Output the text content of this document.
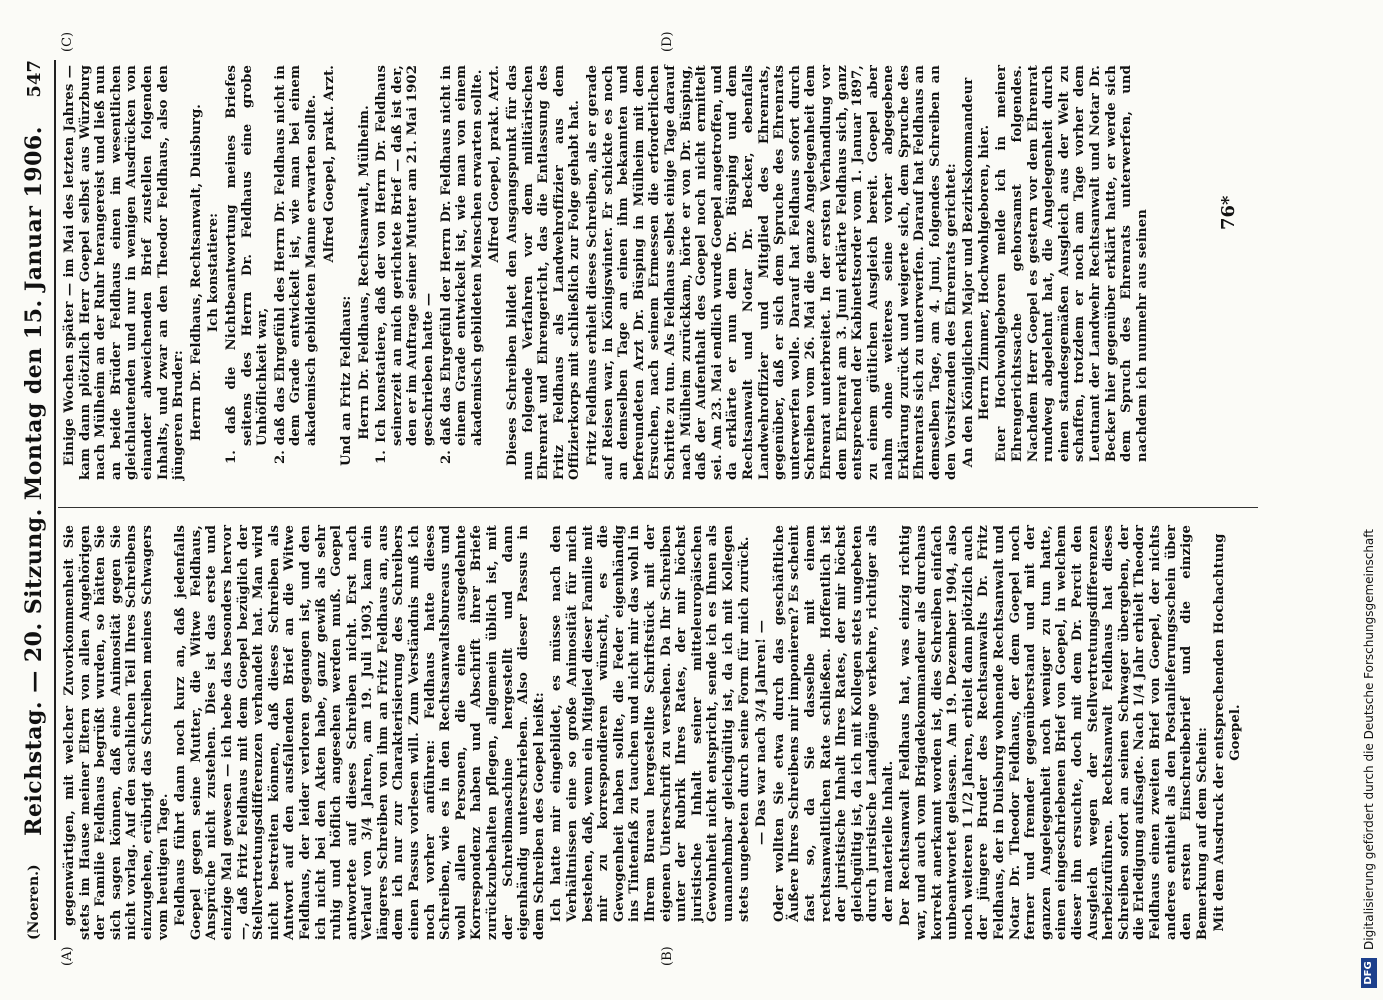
(A)	(B)
(C)	(D)
(Noeren.)
Reichstag. — 20. Sitzung. Montag den 15. Januar 1906.
547

gegenwärtigen, mit welcher Zuvorkommenheit Sie stets im Hause meiner Eltern von allen Angehörigen der Familie Feldhaus begrüßt wurden, so hätten Sie sich sagen können, daß eine Animosität gegen Sie nicht vorlag. Auf den sachlichen Teil Ihres Schreibens einzugehen, erübrigt das Schreiben meines Schwagers vom heutigen Tage. Feldhaus führt dann noch kurz an, daß jedenfalls Goepel gegen seine Mutter, die Witwe Feldhaus, Ansprüche nicht zustehen. Dies ist das erste und einzige Mal gewesen — ich hebe das besonders hervor —, daß Fritz Feldhaus mit dem Goepel bezüglich der Stellvertretungsdifferenzen verhandelt hat. Man wird nicht bestreiten können, daß dieses Schreiben als Antwort auf den ausfallenden Brief an die Witwe Feldhaus, der leider verloren gegangen ist, und den ich nicht bei den Akten habe, ganz gewiß als sehr ruhig und höflich angesehen werden muß. Goepel antwortete auf dieses Schreiben nicht. Erst nach Verlauf von 3/4 Jahren, am 19. Juli 1903, kam ein längeres Schreiben von ihm an Fritz Feldhaus an, aus dem ich nur zur Charakterisierung des Schreibers einen Passus vorlesen will. Zum Verständnis muß ich noch vorher anführen: Feldhaus hatte dieses Schreiben, wie es in den Rechtsanwaltsbureaus und wohl allen Personen, die eine ausgedehnte Korrespondenz haben und Abschrift ihrer Briefe zurückzubehalten pflegen, allgemein üblich ist, mit der Schreibmaschine hergestellt und dann eigenhändig unterschrieben. Also dieser Passus in dem Schreiben des Goepel heißt: Ich hatte mir eingebildet, es müsse nach den Verhältnissen eine so große Animosität für mich bestehen, daß, wenn ein Mitglied dieser Familie mit mir zu korrespondieren wünscht, es die Gewogenheit haben sollte, die Feder eigenhändig ins Tintenfaß zu tauchen und nicht mir das wohl in Ihrem Bureau hergestellte Schriftstück mit der eigenen Unterschrift zu versehen. Da Ihr Schreiben unter der Rubrik Ihres Rates, der mir höchst juristische Inhalt seiner mitteleuropäischen Gewohnheit nicht entspricht, sende ich es Ihnen als unannehmbar gleichgültig ist, da ich mit Kollegen stets ungebeten durch seine Form für mich zurück. — Das war nach 3/4 Jahren! — Oder wollten Sie etwa durch das geschäftliche Äußere Ihres Schreibens mir imponieren? Es scheint fast so, da Sie dasselbe mit einem rechtsanwaltlichen Rate schließen. Hoffentlich ist der juristische Inhalt Ihres Rates, der mir höchst gleichgültig ist, da ich mit Kollegen stets ungebeten durch juristische Landgänge verkehre, richtiger als der materielle Inhalt. Der Rechtsanwalt Feldhaus hat, was einzig richtig war, und auch vom Brigadekommandeur als durchaus korrekt anerkannt worden ist, dies Schreiben einfach unbeantwortet gelassen. Am 19. Dezember 1904, also noch weiteren 1 1/2 Jahren, erhielt dann plötzlich auch der jüngere Bruder des Rechtsanwalts Dr. Fritz Feldhaus, der in Duisburg wohnende Rechtsanwalt und Notar Dr. Theodor Feldhaus, der dem Goepel noch ferner und fremder gegenüberstand und mit der ganzen Angelegenheit noch weniger zu tun hatte, einen eingeschriebenen Brief von Goepel, in welchem dieser ihn ersuchte, doch mit dem Dr. Percit den Ausgleich wegen der Stellvertretungsdifferenzen herbeizuführen. Rechtsanwalt Feldhaus hat dieses Schreiben sofort an seinen Schwager übergeben, der die Erledigung aufsagte. Nach 1/4 Jahr erhielt Theodor Feldhaus einen zweiten Brief von Goepel, der nichts anderes enthielt als den Postanlieferungsschein über den ersten Einschreibebrief und die einzige Bemerkung auf dem Schein: Mit dem Ausdruck der entsprechenden Hochachtung Goepel.

Einige Wochen später — im Mai des letzten Jahres — kam dann plötzlich Herr Goepel selbst aus Würzburg nach Mülheim an der Ruhr herangereist und ließ nun an beide Brüder Feldhaus einen im wesentlichen gleichlautenden und nur in wenigen Ausdrücken von einander abweichenden Brief zustellen folgenden Inhalts, und zwar an den Theodor Feldhaus, also den jüngeren Bruder: Herrn Dr. Feldhaus, Rechtsanwalt, Duisburg. Ich konstatiere: 1. daß die Nichtbeantwortung meines Briefes seitens des Herrn Dr. Feldhaus eine grobe Unhöflichkeit war, 2. daß das Ehrgefühl des Herrn Dr. Feldhaus nicht in dem Grade entwickelt ist, wie man bei einem akademisch gebildeten Manne erwarten sollte. Alfred Goepel, prakt. Arzt.

Und an Fritz Feldhaus: Herrn Dr. Feldhaus, Rechtsanwalt, Mülheim. 1. Ich konstatiere, daß der von Herrn Dr. Feldhaus seinerzeit an mich gerichtete Brief — daß ist der, den er im Auftrage seiner Mutter am 21. Mai 1902 geschrieben hatte — 2. daß das Ehrgefühl der Herrn Dr. Feldhaus nicht in einem Grade entwickelt ist, wie man von einem akademisch gebildeten Menschen erwarten sollte. Alfred Goepel, prakt. Arzt. Dieses Schreiben bildet den Ausgangspunkt für das nun folgende Verfahren vor dem militärischen Ehrenrat und Ehrengericht, das die Entlassung des Fritz Feldhaus als Landwehroffizier aus dem Offizierkorps mit schließlich zur Folge gehabt hat. Fritz Feldhaus erhielt dieses Schreiben, als er gerade auf Reisen war, in Königswinter. Er schickte es noch an demselben Tage an einen ihm bekannten und befreundeten Arzt Dr. Büsping in Mülheim mit dem Ersuchen, nach seinem Ermessen die erforderlichen Schritte zu tun. Als Feldhaus selbst einige Tage darauf nach Mülheim zurückkam, hörte er von Dr. Büsping, daß der Aufenthalt des Goepel noch nicht ermittelt sei. Am 23. Mai endlich wurde Goepel angetroffen, und da erklärte er nun dem Dr. Büsping und dem Rechtsanwalt und Notar Dr. Becker, ebenfalls Landwehroffizier und Mitglied des Ehrenrats, gegenüber, daß er sich dem Spruche des Ehrenrats unterwerfen wolle. Darauf hat Feldhaus sofort durch Schreiben vom 26. Mai die ganze Angelegenheit dem Ehrenrat unterbreitet. In der ersten Verhandlung vor dem Ehrenrat am 3. Juni erklärte Feldhaus sich, ganz entsprechend der Kabinettsorder vom 1. Januar 1897, zu einem gütlichen Ausgleich bereit. Goepel aber nahm ohne weiteres seine vorher abgegebene Erklärung zurück und weigerte sich, dem Spruche des Ehrenrats sich zu unterwerfen. Darauf hat Feldhaus an demselben Tage, am 4. Juni, folgendes Schreiben an den Vorsitzenden des Ehrenrats gerichtet: An den Königlichen Major und Bezirkskommandeur Herrn Zimmer, Hochwohlgeboren, hier. Euer Hochwohlgeboren melde ich in meiner Ehrengerichtssache gehorsamst folgendes. Nachdem Herr Goepel es gestern vor dem Ehrenrat rundweg abgelehnt hat, die Angelegenheit durch einen standesgemäßen Ausgleich aus der Welt zu schaffen, trotzdem er noch am Tage vorher dem Leutnant der Landwehr Rechtsanwalt und Notar Dr. Becker hier gegenüber erklärt hatte, er werde sich dem Spruch des Ehrenrats unterwerfen, und nachdem ich nunmehr aus seinen	76*
DFG
Digitalisierung gefördert durch die Deutsche Forschungsgemeinschaft
